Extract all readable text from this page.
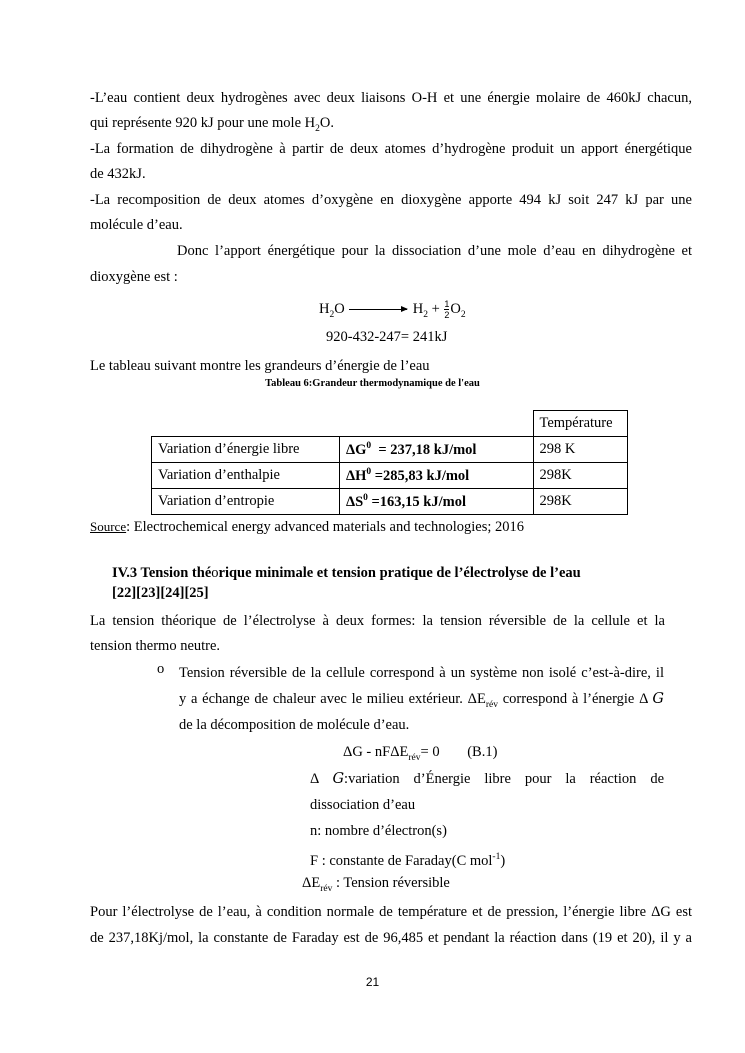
-L’eau contient deux hydrogènes avec deux liaisons O-H et une énergie molaire de 460kJ chacun,

qui représente 920 kJ pour une mole $H_2O$.

-La formation de dihydrogène à partir de deux atomes d’hydrogène produit un apport énergétique

de 432kJ.

-La recomposition de deux atomes d’oxygène en dioxygène apporte 494 kJ soit 247 kJ par une

molécule d’eau.

Donc l’apport énergétique pour la dissociation d’une mole d’eau en dihydrogène et

dioxygène est :

$H_2O \to H_2 + \frac{1}{2} O_2$
920-432-247= 241kJ

Le tableau suivant montre les grandeurs d’énergie de l’eau

Tableau 6:Grandeur thermodynamique de l'eau
		Température
Variation d’énergie libre	$\Delta G^0 = 237,18$ kJ/mol	298 K
Variation d’enthalpie	$\Delta H^0 =285,83$ kJ/mol	298K
Variation d’entropie	$\Delta S^0 =163,15$ kJ/mol	298K
Source: Electrochemical energy advanced materials and technologies; 2016
IV.3 Tension théorique minimale et tension pratique de l’électrolyse de l’eau
[22][23][24][25]

La tension théorique de l’électrolyse à deux formes: la tension réversible de la cellule et la

tension thermo neutre.

o Tension réversible de la cellule correspond à un système non isolé c’est-à-dire, il
y a échange de chaleur avec le milieu extérieur. $\Delta E_{rév}$ correspond à l’énergie Δ G
de la décomposition de molécule d’eau.
ΔG - nFΔE$_{rév}$= 0 (B.1)
Δ G:variation d’Énergie libre pour la réaction de
dissociation d’eau
n: nombre d’électron(s)
F : constante de Faraday(C mol$^{-1}$)
$\Delta E_{rév}$ : Tension réversible

Pour l’électrolyse de l’eau, à condition normale de température et de pression, l’énergie libre ΔG est

de 237,18Kj/mol, la constante de Faraday est de 96,485 et pendant la réaction dans (19 et 20), il y a

21
